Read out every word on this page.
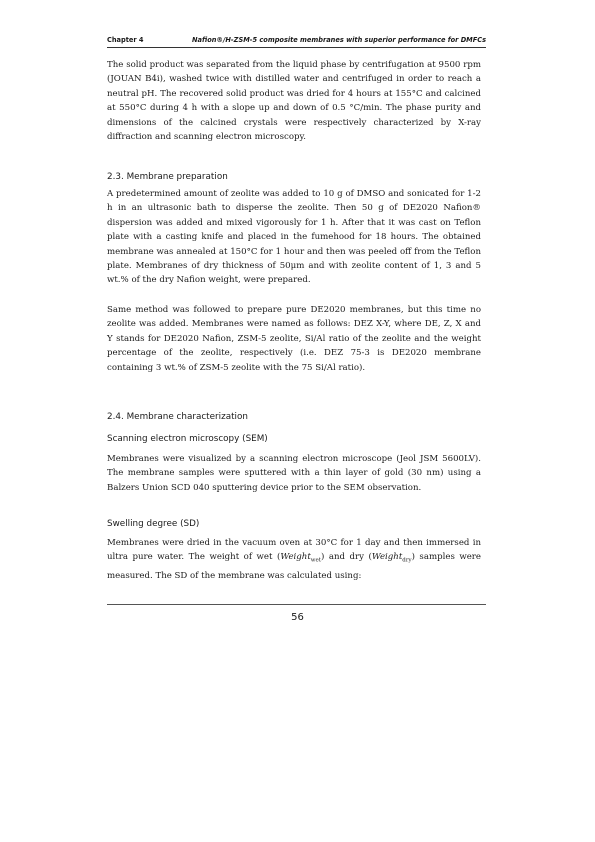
Chapter 4	Nafion®/H-ZSM-5 composite membranes with superior performance for DMFCs

The solid product was separated from the liquid phase by centrifugation at 9500 rpm (JOUAN B4i), washed twice with distilled water and centrifuged in order to reach a neutral pH. The recovered solid product was dried for 4 hours at 155°C and calcined at 550°C during 4 h with a slope up and down of 0.5 °C/min. The phase purity and dimensions of the calcined crystals were respectively characterized by X-ray diffraction and scanning electron microscopy.

2.3. Membrane preparation

A predetermined amount of zeolite was added to 10 g of DMSO and sonicated for 1-2 h in an ultrasonic bath to disperse the zeolite. Then 50 g of DE2020 Nafion® dispersion was added and mixed vigorously for 1 h. After that it was cast on Teflon plate with a casting knife and placed in the fumehood for 18 hours. The obtained membrane was annealed at 150°C for 1 hour and then was peeled off from the Teflon plate. Membranes of dry thickness of 50μm and with zeolite content of 1, 3 and 5 wt.% of the dry Nafion weight, were prepared.

Same method was followed to prepare pure DE2020 membranes, but this time no zeolite was added. Membranes were named as follows: DEZ X-Y, where DE, Z, X and Y stands for DE2020 Nafion, ZSM-5 zeolite, Si/Al ratio of the zeolite and the weight percentage of the zeolite, respectively (i.e. DEZ 75-3 is DE2020 membrane containing 3 wt.% of ZSM-5 zeolite with the 75 Si/Al ratio).

2.4. Membrane characterization
Scanning electron microscopy (SEM)

Membranes were visualized by a scanning electron microscope (Jeol JSM 5600LV). The membrane samples were sputtered with a thin layer of gold (30 nm) using a Balzers Union SCD 040 sputtering device prior to the SEM observation.

Swelling degree (SD)

Membranes were dried in the vacuum oven at 30°C for 1 day and then immersed in ultra pure water. The weight of wet (Weight$_{wet}$) and dry (Weight$_{dry}$) samples were measured. The SD of the membrane was calculated using:

56
